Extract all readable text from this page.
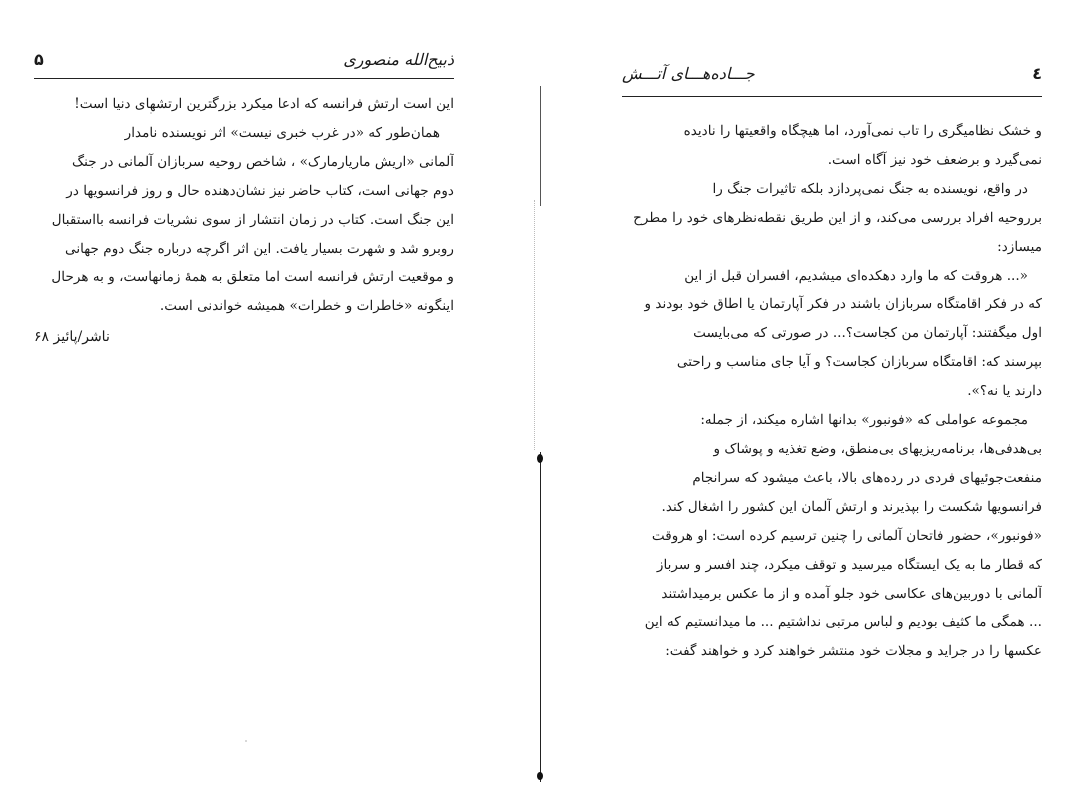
۵	ذبیح‌الله منصوری
این است ارتش فرانسه که ادعا میکرد بزرگترین ارتشهای دنیا است!
همان‌طور که «در غرب خبری نیست» اثر نویسنده نامدار
آلمانی «اریش ماریارمارک» ، شاخص روحیه سربازان آلمانی در جنگ
دوم جهانی است، کتاب حاضر نیز نشان‌دهنده حال و روز فرانسویها در
این جنگ است. کتاب در زمان انتشار از سوی نشریات فرانسه بااستقبال
روبرو شد و شهرت بسیار یافت. این اثر اگرچه درباره جنگ دوم جهانی
و موقعیت ارتش فرانسه است اما متعلق به همهٔ زمانهاست، و به هرحال
اینگونه «خاطرات و خطرات» همیشه خواندنی است.
ناشر/پائیز ۶۸
جـــاده‌هـــای آتـــش	٤
و خشک نظامیگری را تاب نمی‌آورد، اما هیچگاه واقعیتها را نادیده
نمی‌گیرد و برضعف خود نیز آگاه است.
در واقع، نویسنده به جنگ نمی‌پردازد بلکه تاثیرات جنگ را
برروحیه افراد بررسی می‌کند، و از این طریق نقطه‌نظرهای خود را مطرح
میسازد:
«... هروقت که ما وارد دهکده‌ای میشدیم، افسران قبل از این
که در فکر اقامتگاه سربازان باشند در فکر آپارتمان یا اطاق خود بودند و
اول میگفتند: آپارتمان من کجاست؟... در صورتی که می‌بایست
بپرسند که: اقامتگاه سربازان کجاست؟ و آیا جای مناسب و راحتی
دارند یا نه؟».
مجموعه عواملی که «فونبور» بدانها اشاره میکند، از جمله:
بی‌هدفی‌ها، برنامه‌ریزیهای بی‌منطق، وضع تغذیه و پوشاک و
منفعت‌جوئیهای فردی در رده‌های بالا، باعث میشود که سرانجام
فرانسویها شکست را بپذیرند و ارتش آلمان این کشور را اشغال کند.
«فونبور»، حضور فاتحان آلمانی را چنین ترسیم کرده است: او هروقت
که قطار ما به یک ایستگاه میرسید و توقف میکرد، چند افسر و سرباز
آلمانی با دوربین‌های عکاسی خود جلو آمده و از ما عکس برمیداشتند
... همگی ما کثیف بودیم و لباس مرتبی نداشتیم ... ما میدانستیم که این
عکسها را در جراید و مجلات خود منتشر خواهند کرد و خواهند گفت:
